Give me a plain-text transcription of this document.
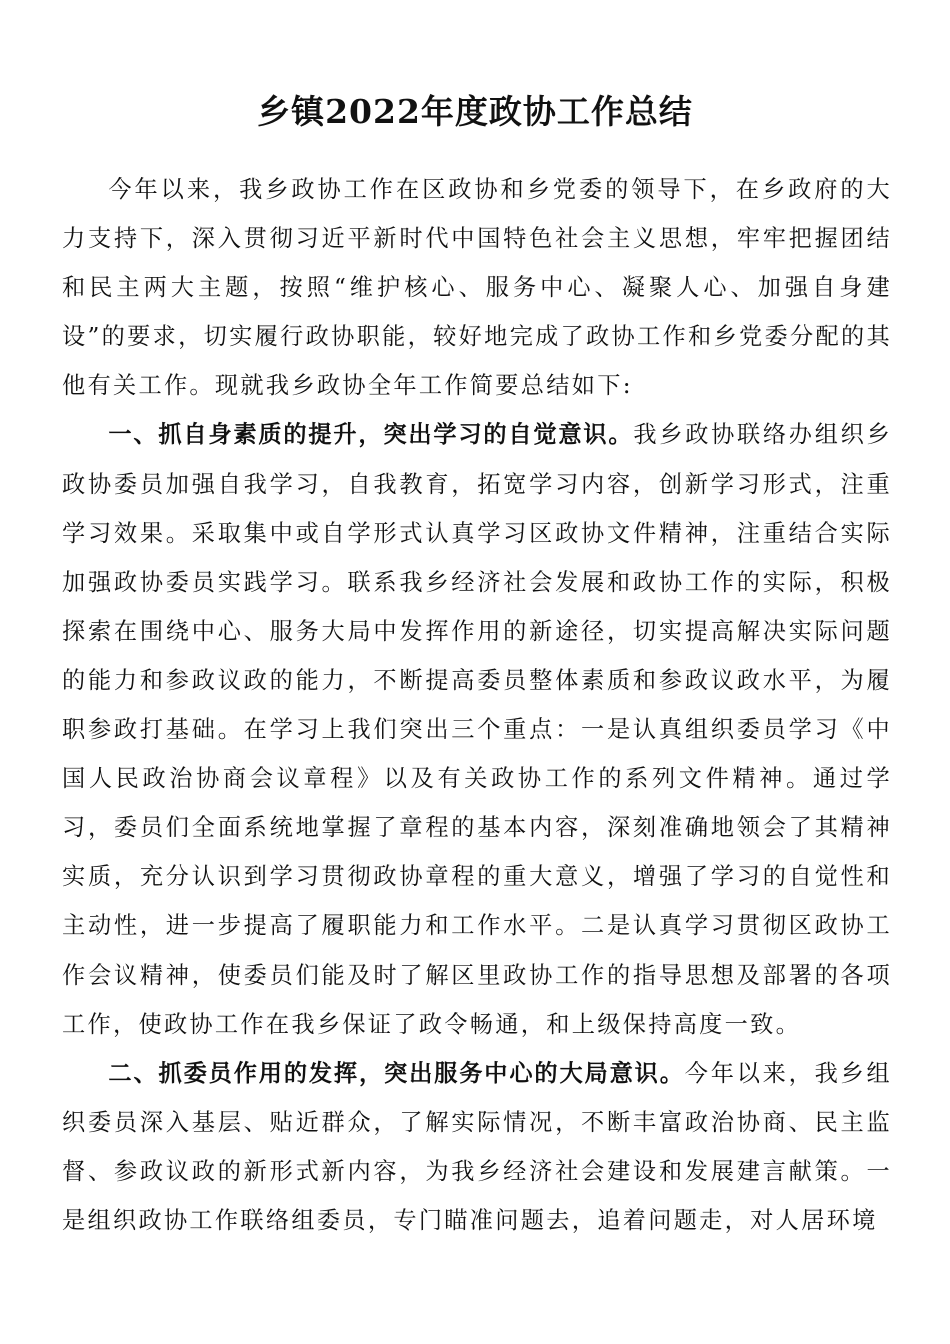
乡镇2022年度政协工作总结

今年以来，我乡政协工作在区政协和乡党委的领导下，在乡政府的大力支持下，深入贯彻习近平新时代中国特色社会主义思想，牢牢把握团结和民主两大主题，按照“维护核心、服务中心、凝聚人心、加强自身建设”的要求，切实履行政协职能，较好地完成了政协工作和乡党委分配的其他有关工作。现就我乡政协全年工作简要总结如下:

一、抓自身素质的提升，突出学习的自觉意识。我乡政协联络办组织乡政协委员加强自我学习，自我教育，拓宽学习内容，创新学习形式，注重学习效果。采取集中或自学形式认真学习区政协文件精神，注重结合实际加强政协委员实践学习。联系我乡经济社会发展和政协工作的实际，积极探索在围绕中心、服务大局中发挥作用的新途径，切实提高解决实际问题的能力和参政议政的能力，不断提高委员整体素质和参政议政水平，为履职参政打基础。在学习上我们突出三个重点：一是认真组织委员学习《中国人民政治协商会议章程》以及有关政协工作的系列文件精神。通过学习，委员们全面系统地掌握了章程的基本内容，深刻准确地领会了其精神实质，充分认识到学习贯彻政协章程的重大意义，增强了学习的自觉性和主动性，进一步提高了履职能力和工作水平。二是认真学习贯彻区政协工作会议精神，使委员们能及时了解区里政协工作的指导思想及部署的各项工作，使政协工作在我乡保证了政令畅通，和上级保持高度一致。

二、抓委员作用的发挥，突出服务中心的大局意识。今年以来，我乡组织委员深入基层、贴近群众，了解实际情况，不断丰富政治协商、民主监督、参政议政的新形式新内容，为我乡经济社会建设和发展建言献策。一是组织政协工作联络组委员，专门瞄准问题去，追着问题走，对人居环境
